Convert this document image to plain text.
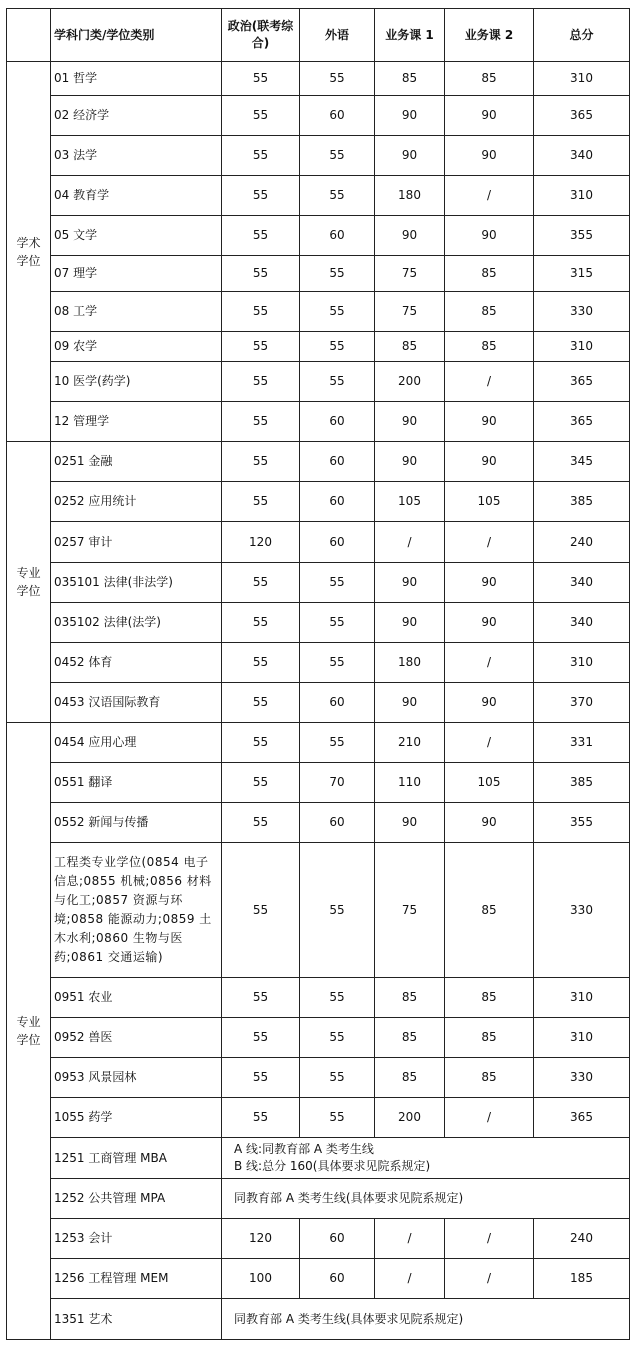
	学科门类/学位类别	政治(联考综合)	外语	业务课 1	业务课 2	总分

学术学位	01 哲学	55	55	85	85	310
	02 经济学	55	60	90	90	365
	03 法学	55	55	90	90	340
	04 教育学	55	55	180	/	310
	05 文学	55	60	90	90	355
	07 理学	55	55	75	85	315
	08 工学	55	55	75	85	330
	09 农学	55	55	85	85	310
	10 医学(药学)	55	55	200	/	365
	12 管理学	55	60	90	90	365

专业学位	0251 金融	55	60	90	90	345
	0252 应用统计	55	60	105	105	385
	0257 审计	120	60	/	/	240
	035101 法律(非法学)	55	55	90	90	340
	035102 法律(法学)	55	55	90	90	340
	0452 体育	55	55	180	/	310
	0453 汉语国际教育	55	60	90	90	370

专业学位	0454 应用心理	55	55	210	/	331
	0551 翻译	55	70	110	105	385
	0552 新闻与传播	55	60	90	90	355
	工程类专业学位(0854 电子信息;0855 机械;0856 材料与化工;0857 资源与环境;0858 能源动力;0859 土木水利;0860 生物与医药;0861 交通运输)	55	55	75	85	330
	0951 农业	55	55	85	85	310
	0952 兽医	55	55	85	85	310
	0953 风景园林	55	55	85	85	330
	1055 药学	55	55	200	/	365
	1251 工商管理 MBA	A 线:同教育部 A 类考生线
B 线:总分 160(具体要求见院系规定)				
	1252 公共管理 MPA	同教育部 A 类考生线(具体要求见院系规定)				
	1253 会计	120	60	/	/	240
	1256 工程管理 MEM	100	60	/	/	185
	1351 艺术	同教育部 A 类考生线(具体要求见院系规定)				
